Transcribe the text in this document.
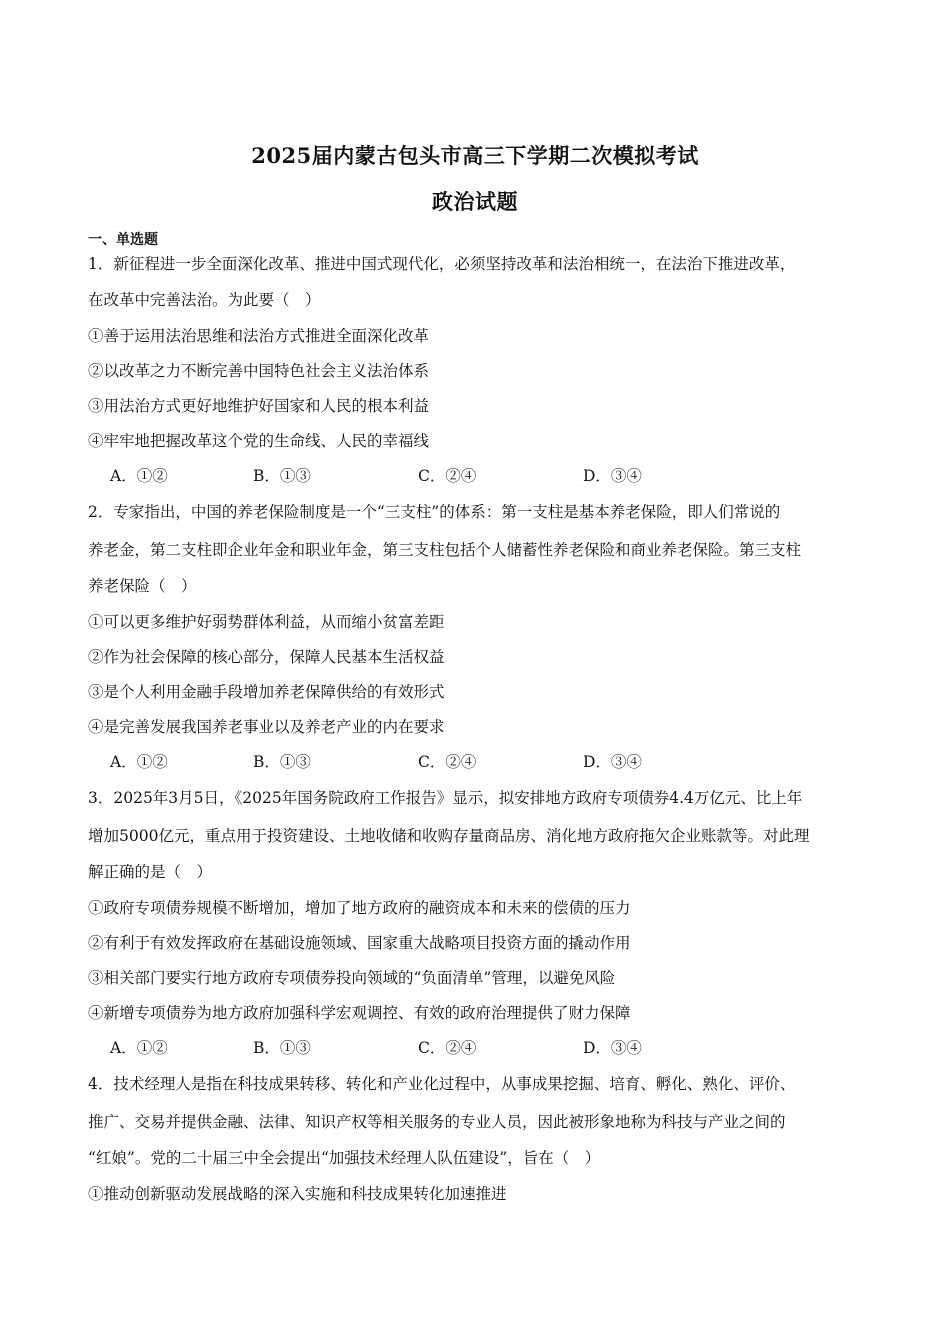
2025届内蒙古包头市高三下学期二次模拟考试
政治试题
一、单选题
1．新征程进一步全面深化改革、推进中国式现代化，必须坚持改革和法治相统一，在法治下推进改革，
在改革中完善法治。为此要（　）
①善于运用法治思维和法治方式推进全面深化改革
②以改革之力不断完善中国特色社会主义法治体系
③用法治方式更好地维护好国家和人民的根本利益
④牢牢地把握改革这个党的生命线、人民的幸福线
A．①②	B．①③	C．②④	D．③④
2．专家指出，中国的养老保险制度是一个“三支柱”的体系：第一支柱是基本养老保险，即人们常说的
养老金，第二支柱即企业年金和职业年金，第三支柱包括个人储蓄性养老保险和商业养老保险。第三支柱
养老保险（　）
①可以更多维护好弱势群体利益，从而缩小贫富差距
②作为社会保障的核心部分，保障人民基本生活权益
③是个人利用金融手段增加养老保障供给的有效形式
④是完善发展我国养老事业以及养老产业的内在要求
A．①②	B．①③	C．②④	D．③④
3．2025年3月5日，《2025年国务院政府工作报告》显示，拟安排地方政府专项债券4.4万亿元、比上年
增加5000亿元，重点用于投资建设、土地收储和收购存量商品房、消化地方政府拖欠企业账款等。对此理
解正确的是（　）
①政府专项债券规模不断增加，增加了地方政府的融资成本和未来的偿债的压力
②有利于有效发挥政府在基础设施领域、国家重大战略项目投资方面的撬动作用
③相关部门要实行地方政府专项债券投向领域的“负面清单”管理，以避免风险
④新增专项债券为地方政府加强科学宏观调控、有效的政府治理提供了财力保障
A．①②	B．①③	C．②④	D．③④
4．技术经理人是指在科技成果转移、转化和产业化过程中，从事成果挖掘、培育、孵化、熟化、评价、
推广、交易并提供金融、法律、知识产权等相关服务的专业人员，因此被形象地称为科技与产业之间的
“红娘”。党的二十届三中全会提出“加强技术经理人队伍建设”，旨在（　）
①推动创新驱动发展战略的深入实施和科技成果转化加速推进
